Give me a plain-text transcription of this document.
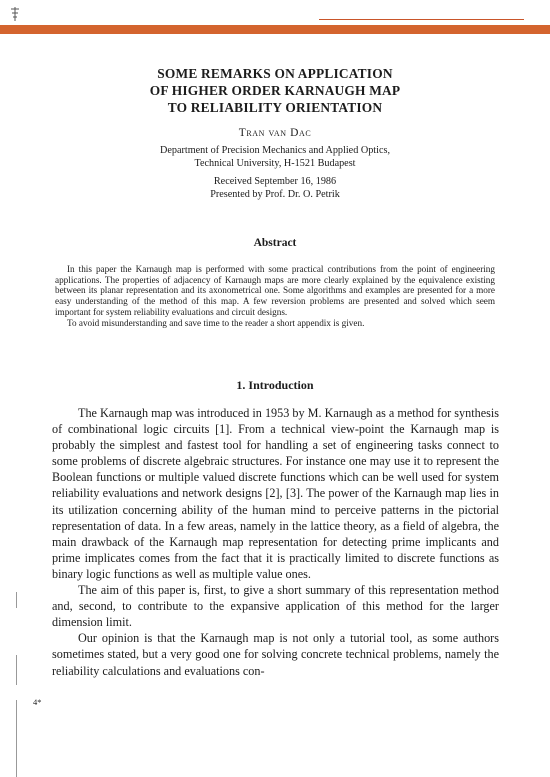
SOME REMARKS ON APPLICATION
OF HIGHER ORDER KARNAUGH MAP
TO RELIABILITY ORIENTATION
Tran van Dac
Department of Precision Mechanics and Applied Optics,
Technical University, H-1521 Budapest
Received September 16, 1986
Presented by Prof. Dr. O. Petrik
Abstract

In this paper the Karnaugh map is performed with some practical contributions from the point of engineering applications. The properties of adjacency of Karnaugh maps are more clearly explained by the equivalence existing between its planar representation and its axonometrical one. Some algorithms and examples are presented for a more easy understanding of the method of this map. A few reversion problems are presented and solved which seem important for system reliability evaluations and circuit designs.

To avoid misunderstanding and save time to the reader a short appendix is given.

1. Introduction

The Karnaugh map was introduced in 1953 by M. Karnaugh as a method for synthesis of combinational logic circuits [1]. From a technical view-point the Karnaugh map is probably the simplest and fastest tool for handling a set of engineering tasks connect to some problems of discrete algebraic structures. For instance one may use it to represent the Boolean functions or multiple valued discrete functions which can be well used for system reliability evaluations and network designs [2], [3]. The power of the Karnaugh map lies in its utilization concerning ability of the human mind to perceive patterns in the pictorial representation of data. In a few areas, namely in the lattice theory, as a field of algebra, the main drawback of the Karnaugh map representation for detecting prime implicants and prime implicates comes from the fact that it is practically limited to discrete functions as binary logic functions as well as multiple value ones.

The aim of this paper is, first, to give a short summary of this representation method and, second, to contribute to the expansive application of this method for the larger dimension limit.

Our opinion is that the Karnaugh map is not only a tutorial tool, as some authors sometimes stated, but a very good one for solving concrete technical problems, namely the reliability calculations and evaluations con-

4*
